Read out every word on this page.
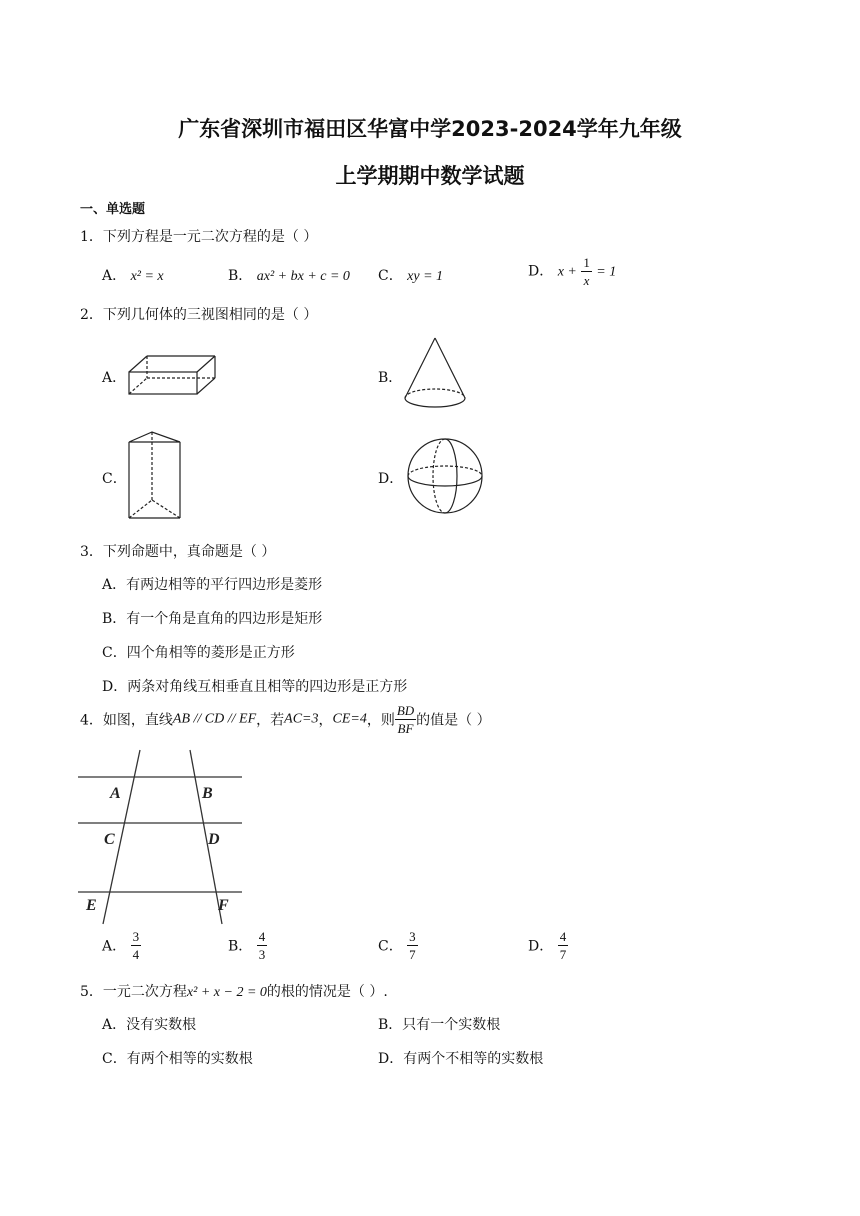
广东省深圳市福田区华富中学2023-2024学年九年级
上学期期中数学试题
一、单选题
1．下列方程是一元二次方程的是（ ）
A． x² = x	B． ax² + bx + c = 0 C． xy = 1	D． $x + \frac{1}{x} = 1$
2．下列几何体的三视图相同的是（ ）
A．	B．
C．	D．
3．下列命题中，真命题是（ ）
A．有两边相等的平行四边形是菱形
B．有一个角是直角的四边形是矩形
C．四个角相等的菱形是正方形
D．两条对角线互相垂直且相等的四边形是正方形
4．如图，直线AB // CD // EF，若AC=3，CE=4，则 $\frac{BD}{BF}$ 的值是（ ）
A	B
C	D
E	F
A． $\frac{3}{4}$	B． $\frac{4}{3}$	C． $\frac{3}{7}$	D． $\frac{4}{7}$
5．一元二次方程x² + x − 2 = 0的根的情况是（ ）.
A．没有实数根	B．只有一个实数根
C．有两个相等的实数根	D．有两个不相等的实数根
